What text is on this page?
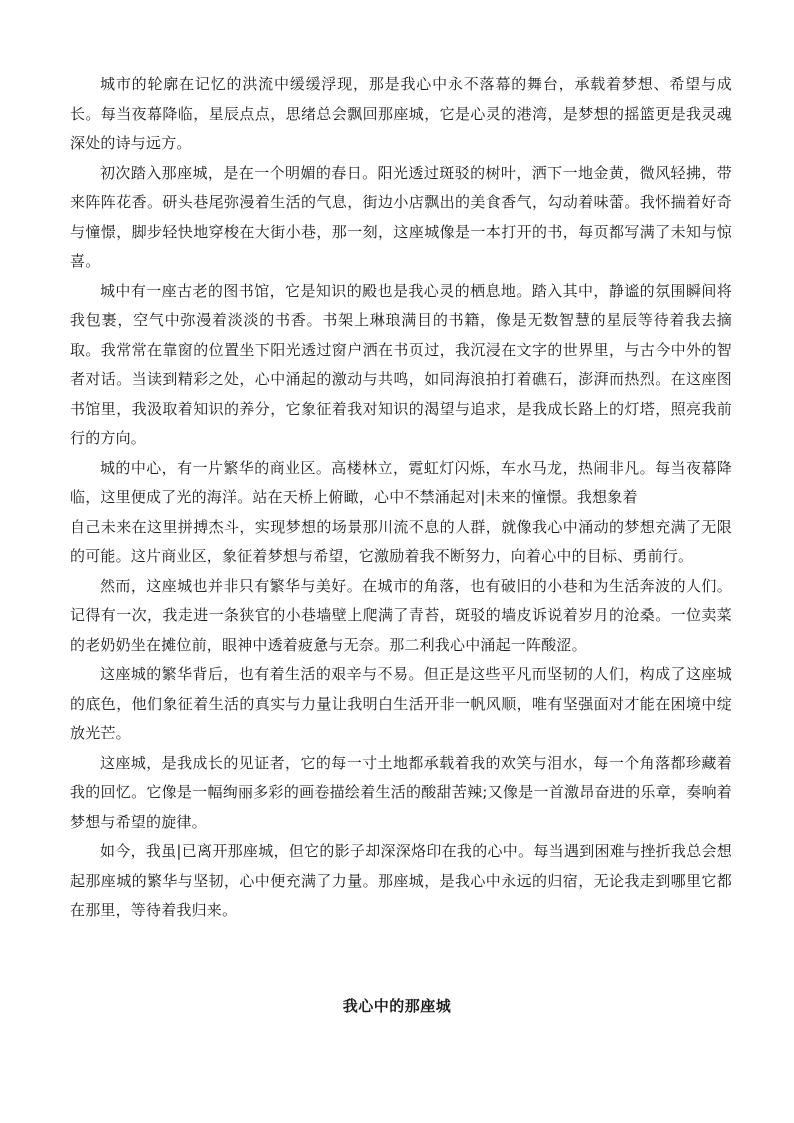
城市的轮廓在记忆的洪流中缓缓浮现，那是我心中永不落幕的舞台，承载着梦想、希望与成长。每当夜幕降临，星辰点点，思绪总会飘回那座城，它是心灵的港湾，是梦想的摇篮更是我灵魂深处的诗与远方。

初次踏入那座城，是在一个明媚的春日。阳光透过斑驳的树叶，洒下一地金黄，微风轻拂，带来阵阵花香。研头巷尾弥漫着生活的气息，街边小店飘出的美食香气，勾动着味蕾。我怀揣着好奇与憧憬，脚步轻快地穿梭在大街小巷，那一刻，这座城像是一本打开的书，每页都写满了未知与惊喜。

城中有一座古老的图书馆，它是知识的殿也是我心灵的栖息地。踏入其中，静谧的氛围瞬间将我包裹，空气中弥漫着淡淡的书香。书架上琳琅满目的书籍，像是无数智慧的星辰等待着我去摘取。我常常在靠窗的位置坐下阳光透过窗户洒在书页过，我沉浸在文字的世界里，与古今中外的智者对话。当读到精彩之处，心中涌起的激动与共鸣，如同海浪拍打着礁石，澎湃而热烈。在这座图书馆里，我汲取着知识的养分，它象征着我对知识的渴望与追求，是我成长路上的灯塔，照亮我前行的方向。

城的中心，有一片繁华的商业区。高楼林立，霓虹灯闪烁，车水马龙，热闹非凡。每当夜幕降临，这里便成了光的海洋。站在天桥上俯瞰，心中不禁涌起对|未来的憧憬。我想象着

自己未来在这里拼搏杰斗，实现梦想的场景那川流不息的人群，就像我心中涌动的梦想充满了无限的可能。这片商业区，象征着梦想与希望，它激励着我不断努力，向着心中的目标、勇前行。

然而，这座城也并非只有繁华与美好。在城市的角落，也有破旧的小巷和为生活奔波的人们。记得有一次，我走进一条狭官的小巷墙壁上爬满了青苔，斑驳的墙皮诉说着岁月的沧桑。一位卖菜的老奶奶坐在摊位前，眼神中透着疲惫与无奈。那二利我心中涌起一阵酸涩。

这座城的繁华背后，也有着生活的艰辛与不易。但正是这些平凡而坚韧的人们，构成了这座城的底色，他们象征着生活的真实与力量让我明白生活开非一帆风顺，唯有坚强面对才能在困境中绽放光芒。

这座城，是我成长的见证者，它的每一寸土地都承载着我的欢笑与泪水，每一个角落都珍藏着我的回忆。它像是一幅绚丽多彩的画卷描绘着生活的酸甜苦辣;又像是一首激昂奋进的乐章，奏响着梦想与希望的旋律。

如今，我虽|已离开那座城，但它的影子却深深烙印在我的心中。每当遇到困难与挫折我总会想起那座城的繁华与坚韧，心中便充满了力量。那座城，是我心中永远的归宿，无论我走到哪里它都在那里，等待着我归来。

我心中的那座城
